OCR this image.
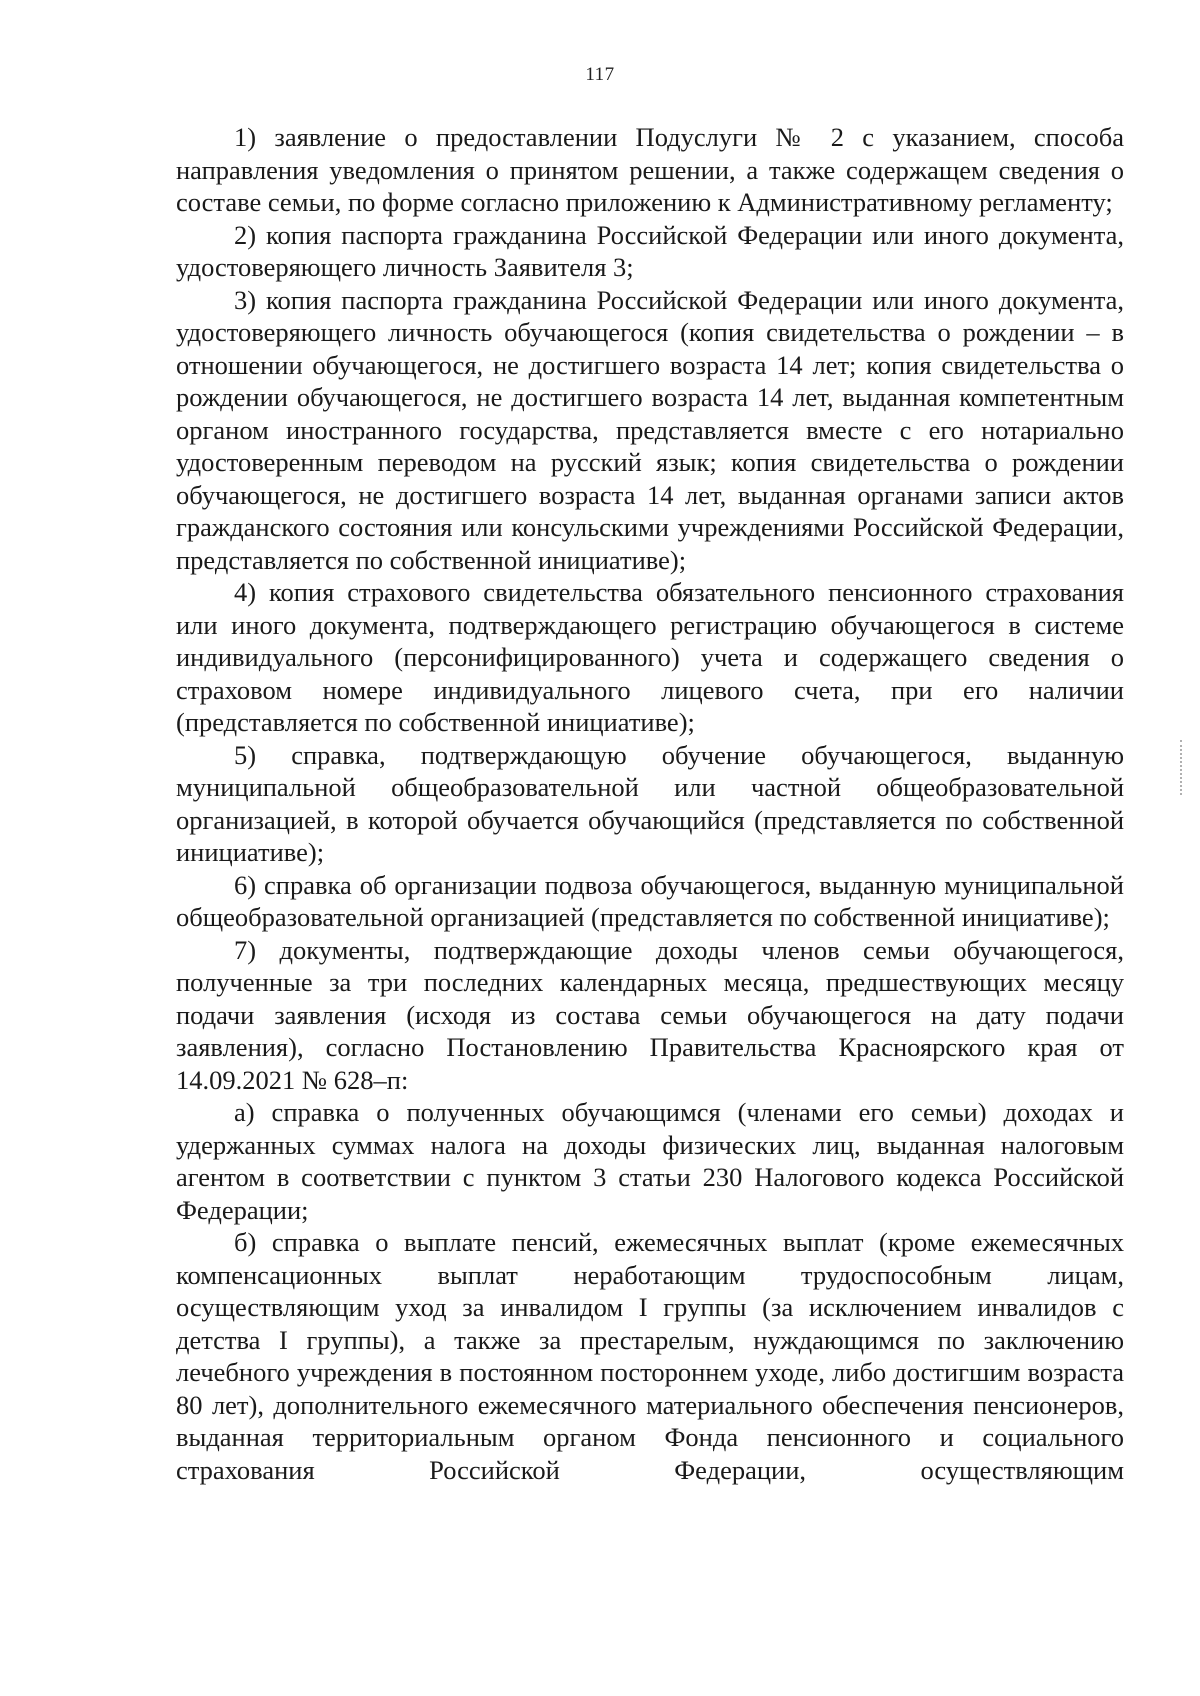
117

1) заявление о предоставлении Подуслуги № 2 с указанием, способа направления уведомления о принятом решении, а также содержащем сведения о составе семьи, по форме согласно приложению к Административному регламенту;

2) копия паспорта гражданина Российской Федерации или иного документа, удостоверяющего личность Заявителя 3;

3) копия паспорта гражданина Российской Федерации или иного документа, удостоверяющего личность обучающегося (копия свидетельства о рождении – в отношении обучающегося, не достигшего возраста 14 лет; копия свидетельства о рождении обучающегося, не достигшего возраста 14 лет, выданная компетентным органом иностранного государства, представляется вместе с его нотариально удостоверенным переводом на русский язык; копия свидетельства о рождении обучающегося, не достигшего возраста 14 лет, выданная органами записи актов гражданского состояния или консульскими учреждениями Российской Федерации, представляется по собственной инициативе);

4) копия страхового свидетельства обязательного пенсионного страхования или иного документа, подтверждающего регистрацию обучающегося в системе индивидуального (персонифицированного) учета и содержащего сведения о страховом номере индивидуального лицевого счета, при его наличии (представляется по собственной инициативе);

5) справка, подтверждающую обучение обучающегося, выданную муниципальной общеобразовательной или частной общеобразовательной организацией, в которой обучается обучающийся (представляется по собственной инициативе);

6) справка об организации подвоза обучающегося, выданную муниципальной общеобразовательной организацией (представляется по собственной инициативе);

7) документы, подтверждающие доходы членов семьи обучающегося, полученные за три последних календарных месяца, предшествующих месяцу подачи заявления (исходя из состава семьи обучающегося на дату подачи заявления), согласно Постановлению Правительства Красноярского края от 14.09.2021 № 628–п:

а) справка о полученных обучающимся (членами его семьи) доходах и удержанных суммах налога на доходы физических лиц, выданная налоговым агентом в соответствии с пунктом 3 статьи 230 Налогового кодекса Российской Федерации;

б) справка о выплате пенсий, ежемесячных выплат (кроме ежемесячных компенсационных выплат неработающим трудоспособным лицам, осуществляющим уход за инвалидом I группы (за исключением инвалидов с детства I группы), а также за престарелым, нуждающимся по заключению лечебного учреждения в постоянном постороннем уходе, либо достигшим возраста 80 лет), дополнительного ежемесячного материального обеспечения пенсионеров, выданная территориальным органом Фонда пенсионного и социального страхования Российской Федерации, осуществляющим
